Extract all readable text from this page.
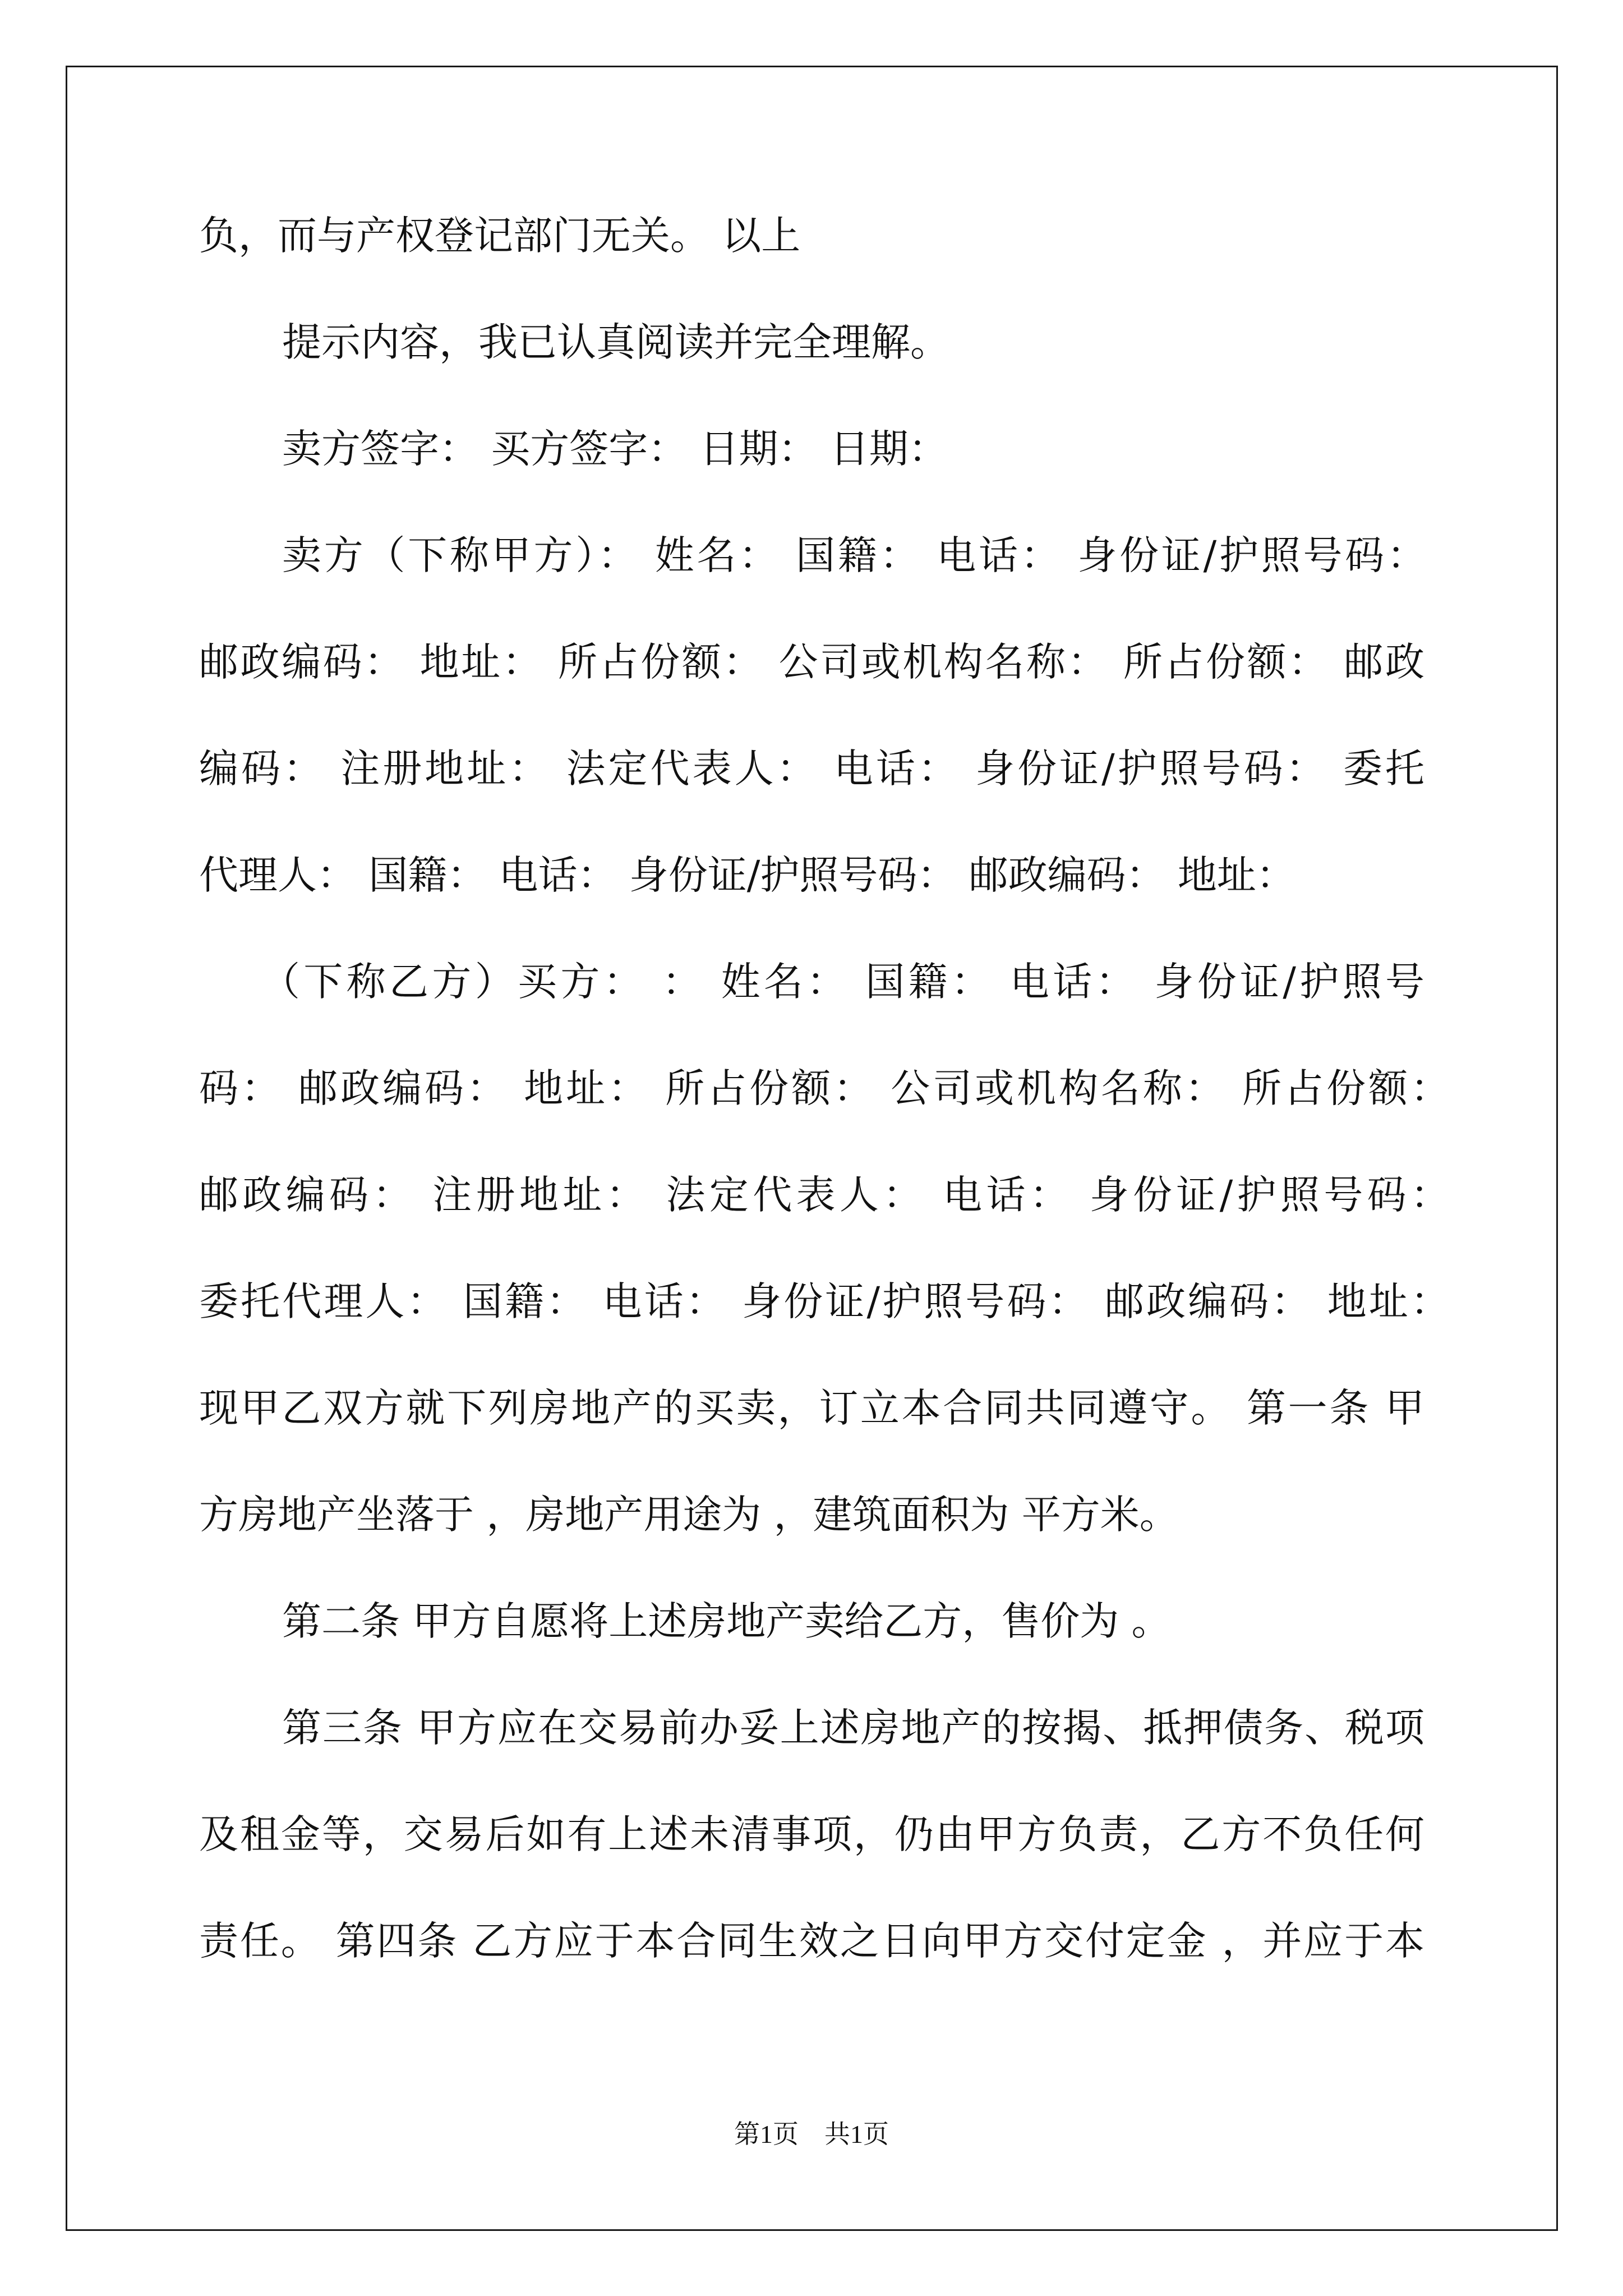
负，而与产权登记部门无关。 以上
提示内容，我已认真阅读并完全理解。
卖方签字： 买方签字： 日期： 日期：
卖方（下称甲方）： 姓名： 国籍： 电话： 身份证/护照号码：
邮政编码： 地址： 所占份额： 公司或机构名称： 所占份额： 邮政
编码： 注册地址： 法定代表人： 电话： 身份证/护照号码： 委托
代理人： 国籍： 电话： 身份证/护照号码： 邮政编码： 地址：
（下称乙方）买方： ： 姓名： 国籍： 电话： 身份证/护照号
码： 邮政编码： 地址： 所占份额： 公司或机构名称： 所占份额：
邮政编码： 注册地址： 法定代表人： 电话： 身份证/护照号码：
委托代理人： 国籍： 电话： 身份证/护照号码： 邮政编码： 地址：
现甲乙双方就下列房地产的买卖，订立本合同共同遵守。 第一条 甲
方房地产坐落于 ，房地产用途为 ，建筑面积为 平方米。
第二条 甲方自愿将上述房地产卖给乙方，售价为 。
第三条 甲方应在交易前办妥上述房地产的按揭、抵押债务、税项
及租金等，交易后如有上述未清事项，仍由甲方负责，乙方不负任何
责任。 第四条 乙方应于本合同生效之日向甲方交付定金 ，并应于本
第1页　共1页
